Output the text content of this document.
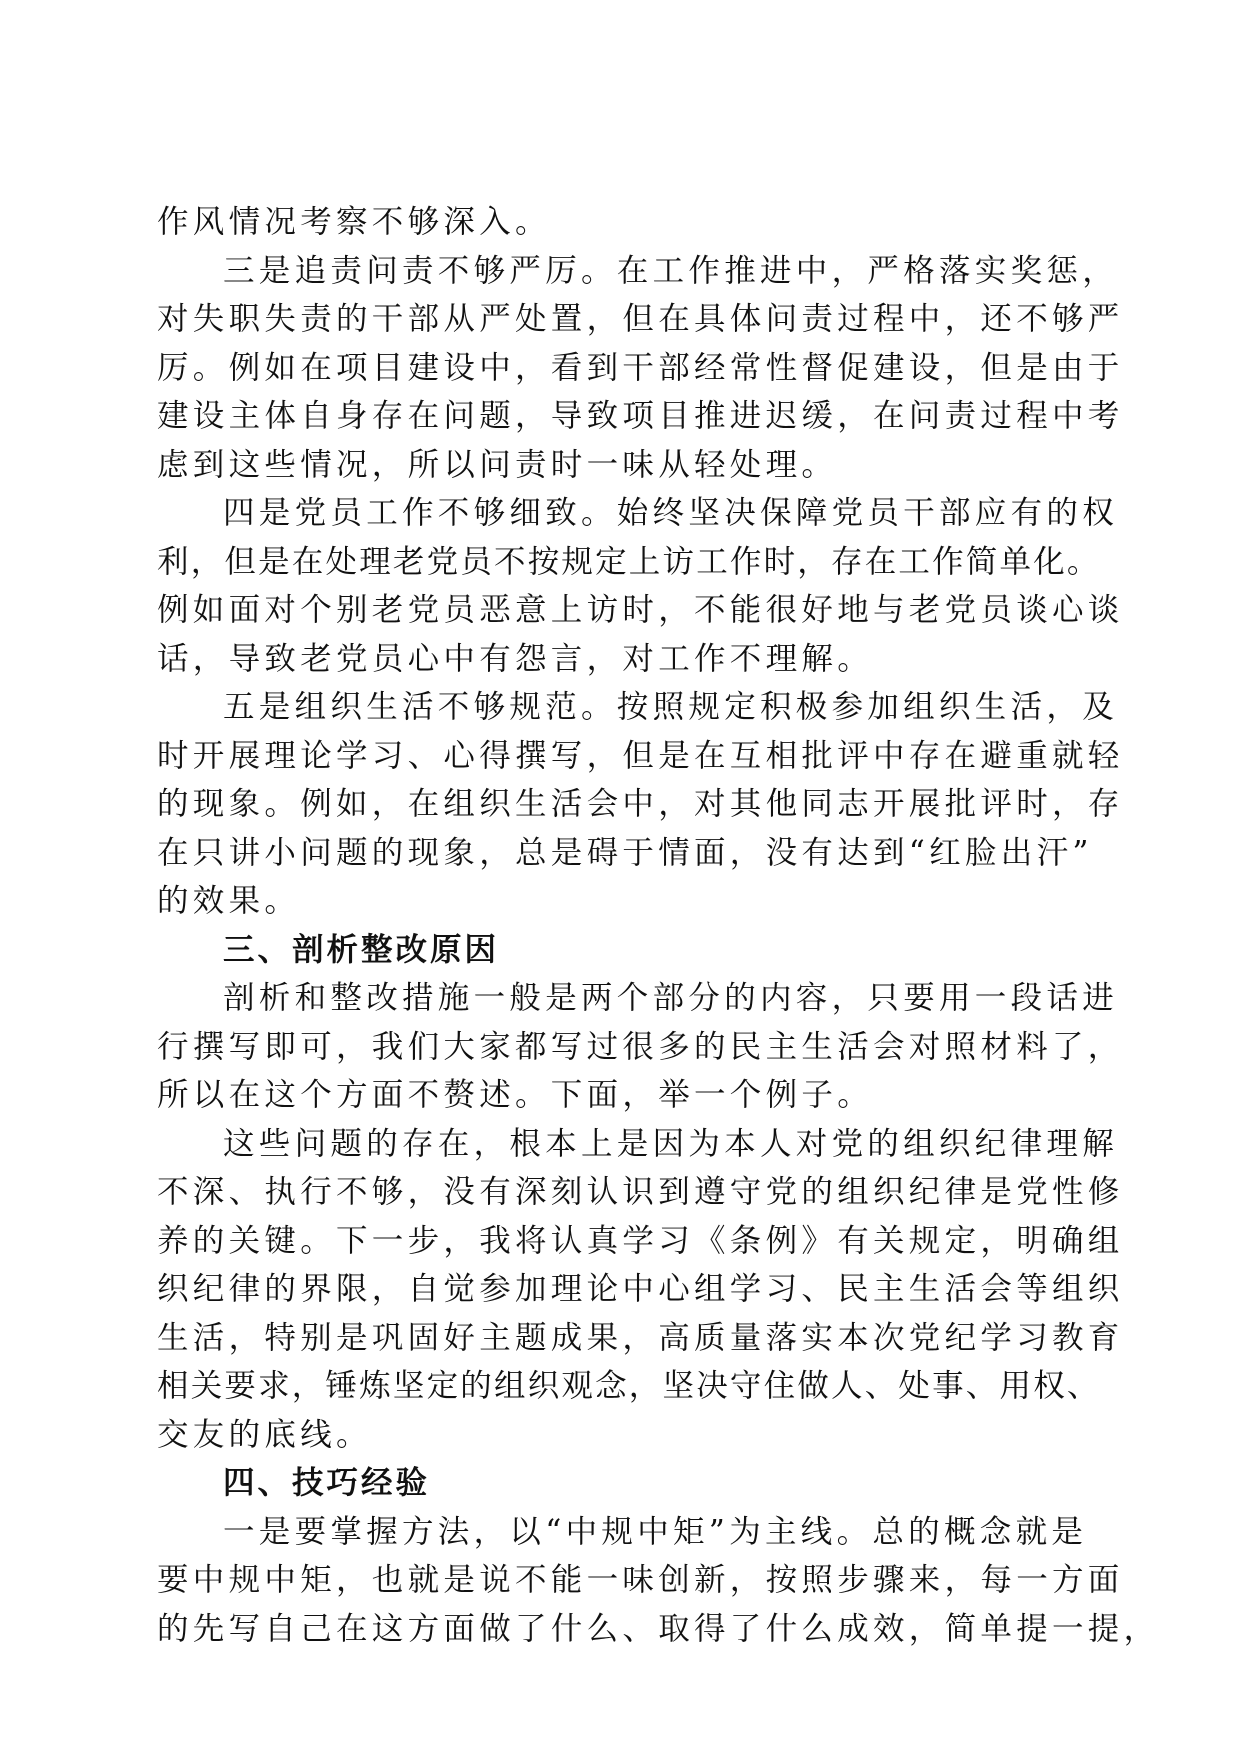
作风情况考察不够深入。
三是追责问责不够严厉。在工作推进中，严格落实奖惩，
对失职失责的干部从严处置，但在具体问责过程中，还不够严
厉。例如在项目建设中，看到干部经常性督促建设，但是由于
建设主体自身存在问题，导致项目推进迟缓，在问责过程中考
虑到这些情况，所以问责时一味从轻处理。
四是党员工作不够细致。始终坚决保障党员干部应有的权
利，但是在处理老党员不按规定上访工作时，存在工作简单化。
例如面对个别老党员恶意上访时，不能很好地与老党员谈心谈
话，导致老党员心中有怨言，对工作不理解。
五是组织生活不够规范。按照规定积极参加组织生活，及
时开展理论学习、心得撰写，但是在互相批评中存在避重就轻
的现象。例如，在组织生活会中，对其他同志开展批评时，存
在只讲小问题的现象，总是碍于情面，没有达到“红脸出汗”
的效果。
三、剖析整改原因
剖析和整改措施一般是两个部分的内容，只要用一段话进
行撰写即可，我们大家都写过很多的民主生活会对照材料了，
所以在这个方面不赘述。下面，举一个例子。
这些问题的存在，根本上是因为本人对党的组织纪律理解
不深、执行不够，没有深刻认识到遵守党的组织纪律是党性修
养的关键。下一步，我将认真学习《条例》有关规定，明确组
织纪律的界限，自觉参加理论中心组学习、民主生活会等组织
生活，特别是巩固好主题成果，高质量落实本次党纪学习教育
相关要求，锤炼坚定的组织观念，坚决守住做人、处事、用权、
交友的底线。
四、技巧经验
一是要掌握方法，以“中规中矩”为主线。总的概念就是
要中规中矩，也就是说不能一味创新，按照步骤来，每一方面
的先写自己在这方面做了什么、取得了什么成效，简单提一提，
